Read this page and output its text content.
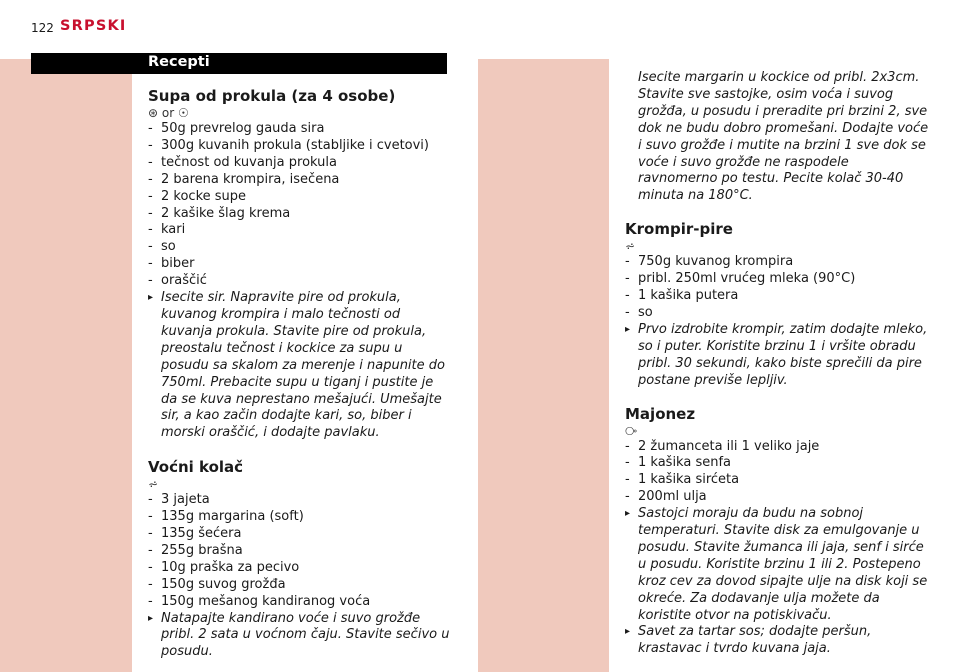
122 SRPSKI
Recepti
Supa od prokula (za 4 osobe)
⊛ or ☉
- 50g prevrelog gauda sira
- 300g kuvanih prokula (stabljike i cvetovi)
- tečnost od kuvanja prokula
- 2 barena krompira, isečena
- 2 kocke supe
- 2 kašike šlag krema
- kari
- so
- biber
- oraščić

▸ Isecite sir. Napravite pire od prokula, kuvanog krompira i malo tečnosti od kuvanja prokula. Stavite pire od prokula, preostalu tečnost i kockice za supu u posudu sa skalom za merenje i napunite do 750ml. Prebacite supu u tiganj i pustite je da se kuva neprestano mešajući. Umešajte sir, a kao začin dodajte kari, so, biber i morski oraščić, i dodajte pavlaku.

Voćni kolač
⩫
- 3 jajeta
- 135g margarina (soft)
- 135g šećera
- 255g brašna
- 10g praška za pecivo
- 150g suvog grožđa
- 150g mešanog kandiranog voća

▸ Natapajte kandirano voće i suvo grožđe pribl. 2 sata u voćnom čaju. Stavite sečivo u posudu.

Isecite margarin u kockice od pribl. 2x3cm. Stavite sve sastojke, osim voća i suvog grožđa, u posudu i preradite pri brzini 2, sve dok ne budu dobro promešani. Dodajte voće i suvo grožđe i mutite na brzini 1 sve dok se voće i suvo grožđe ne raspodele ravnomerno po testu. Pecite kolač 30-40 minuta na 180°C.

Krompir-pire
⩫
- 750g kuvanog krompira
- pribl. 250ml vrućeg mleka (90°C)
- 1 kašika putera
- so

▸ Prvo izdrobite krompir, zatim dodajte mleko, so i puter. Koristite brzinu 1 i vršite obradu pribl. 30 sekundi, kako biste sprečili da pire postane previše lepljiv.

Majonez
⧂
- 2 žumanceta ili 1 veliko jaje
- 1 kašika senfa
- 1 kašika sirćeta
- 200ml ulja

▸ Sastojci moraju da budu na sobnoj temperaturi. Stavite disk za emulgovanje u posudu. Stavite žumanca ili jaja, senf i sirće u posudu. Koristite brzinu 1 ili 2. Postepeno kroz cev za dovod sipajte ulje na disk koji se okreće. Za dodavanje ulja možete da koristite otvor na potiskivaču.

▸ Savet za tartar sos; dodajte peršun, krastavac i tvrdo kuvana jaja.
